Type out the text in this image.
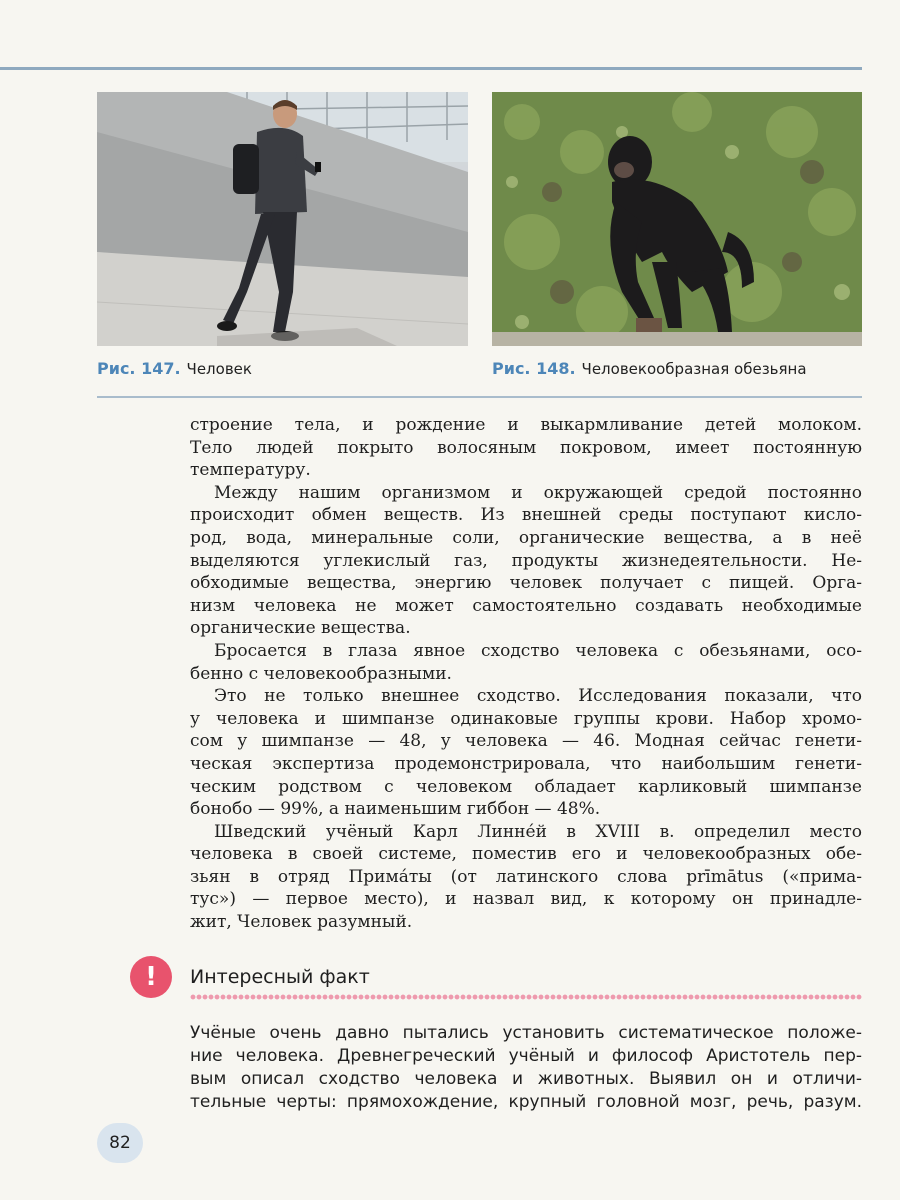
Рис. 147. Человек	Рис. 148. Человекообразная обезьяна
строение тела, и рождение и выкармливание детей молоком.
Тело людей покрыто волосяным покровом, имеет постоянную
температуру.
Между нашим организмом и окружающей средой постоянно
происходит обмен веществ. Из внешней среды поступают кисло-
род, вода, минеральные соли, органические вещества, а в неё
выделяются углекислый газ, продукты жизнедеятельности. Не-
обходимые вещества, энергию человек получает с пищей. Орга-
низм человека не может самостоятельно создавать необходимые
органические вещества.
Бросается в глаза явное сходство человека с обезьянами, осо-
бенно с человекообразными.
Это не только внешнее сходство. Исследования показали, что
у человека и шимпанзе одинаковые группы крови. Набор хромо-
сом у шимпанзе — 48, у человека — 46. Модная сейчас генети-
ческая экспертиза продемонстрировала, что наибольшим генети-
ческим родством с человеком обладает карликовый шимпанзе
бонобо — 99%, а наименьшим гиббон — 48%.
Шведский учёный Карл Линне́й в XVIII в. определил место
человека в своей системе, поместив его и человекообразных обе-
зьян в отряд Прима́ты (от латинского слова prīmātus («прима-
тус») — первое место), и назвал вид, к которому он принадле-
жит, Человек разумный.
!	Интересный факт
Учёные очень давно пытались установить систематическое положе-
ние человека. Древнегреческий учёный и философ Аристотель пер-
вым описал сходство человека и животных. Выявил он и отличи-
тельные черты: прямохождение, крупный головной мозг, речь, разум.
82
